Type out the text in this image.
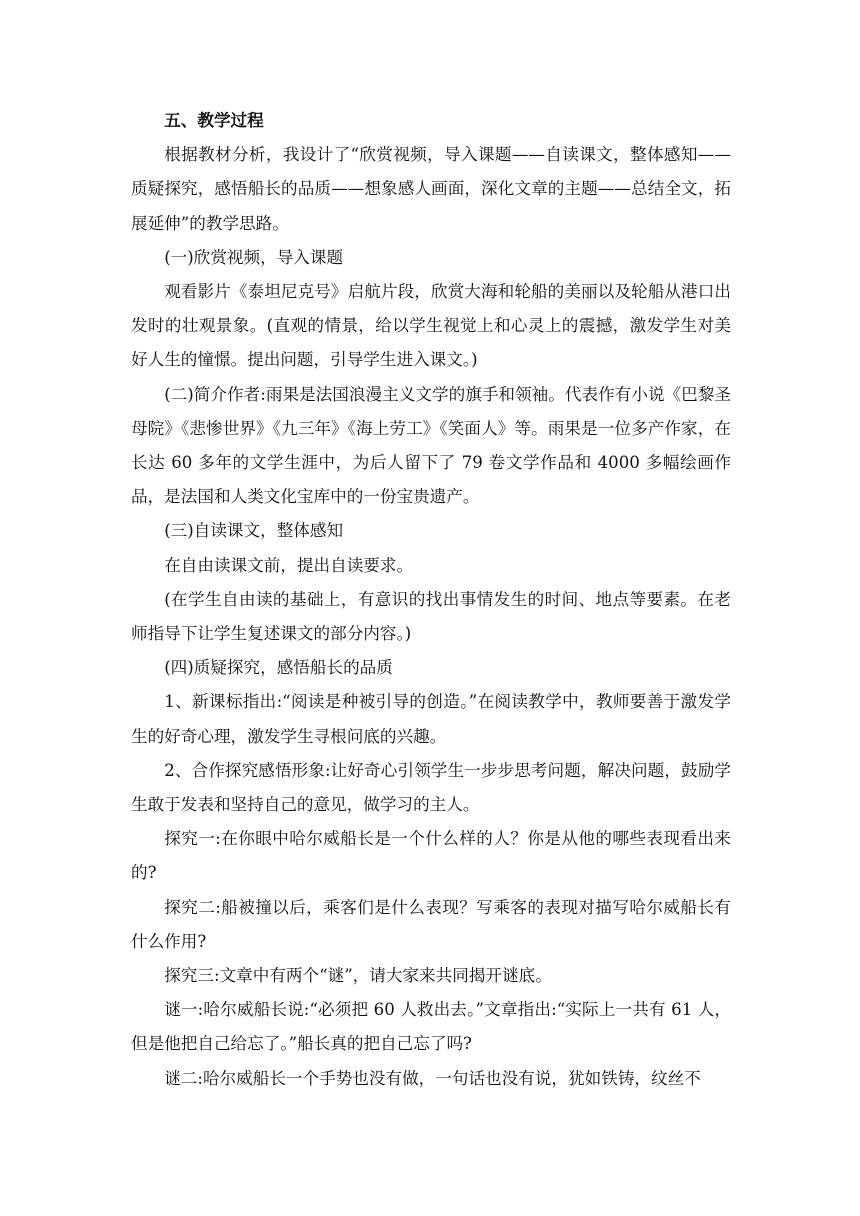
五、教学过程

根据教材分析，我设计了“欣赏视频，导入课题——自读课文，整体感知——质疑探究，感悟船长的品质——想象感人画面，深化文章的主题——总结全文，拓展延伸”的教学思路。

(一)欣赏视频，导入课题

观看影片《泰坦尼克号》启航片段，欣赏大海和轮船的美丽以及轮船从港口出发时的壮观景象。(直观的情景，给以学生视觉上和心灵上的震撼，激发学生对美好人生的憧憬。提出问题，引导学生进入课文。)

(二)简介作者:雨果是法国浪漫主义文学的旗手和领袖。代表作有小说《巴黎圣母院》《悲惨世界》《九三年》《海上劳工》《笑面人》等。雨果是一位多产作家，在长达 60 多年的文学生涯中，为后人留下了 79 卷文学作品和 4000 多幅绘画作品，是法国和人类文化宝库中的一份宝贵遗产。

(三)自读课文，整体感知

在自由读课文前，提出自读要求。

(在学生自由读的基础上，有意识的找出事情发生的时间、地点等要素。在老师指导下让学生复述课文的部分内容。)

(四)质疑探究，感悟船长的品质

1、新课标指出:“阅读是种被引导的创造。”在阅读教学中，教师要善于激发学生的好奇心理，激发学生寻根问底的兴趣。

2、合作探究感悟形象:让好奇心引领学生一步步思考问题，解决问题，鼓励学生敢于发表和坚持自己的意见，做学习的主人。

探究一:在你眼中哈尔威船长是一个什么样的人？你是从他的哪些表现看出来的?

探究二:船被撞以后，乘客们是什么表现？写乘客的表现对描写哈尔威船长有什么作用?

探究三:文章中有两个“谜”，请大家来共同揭开谜底。

谜一:哈尔威船长说:“必须把 60 人救出去。”文章指出:“实际上一共有 61 人，但是他把自己给忘了。”船长真的把自己忘了吗?

谜二:哈尔威船长一个手势也没有做，一句话也没有说，犹如铁铸，纹丝不
